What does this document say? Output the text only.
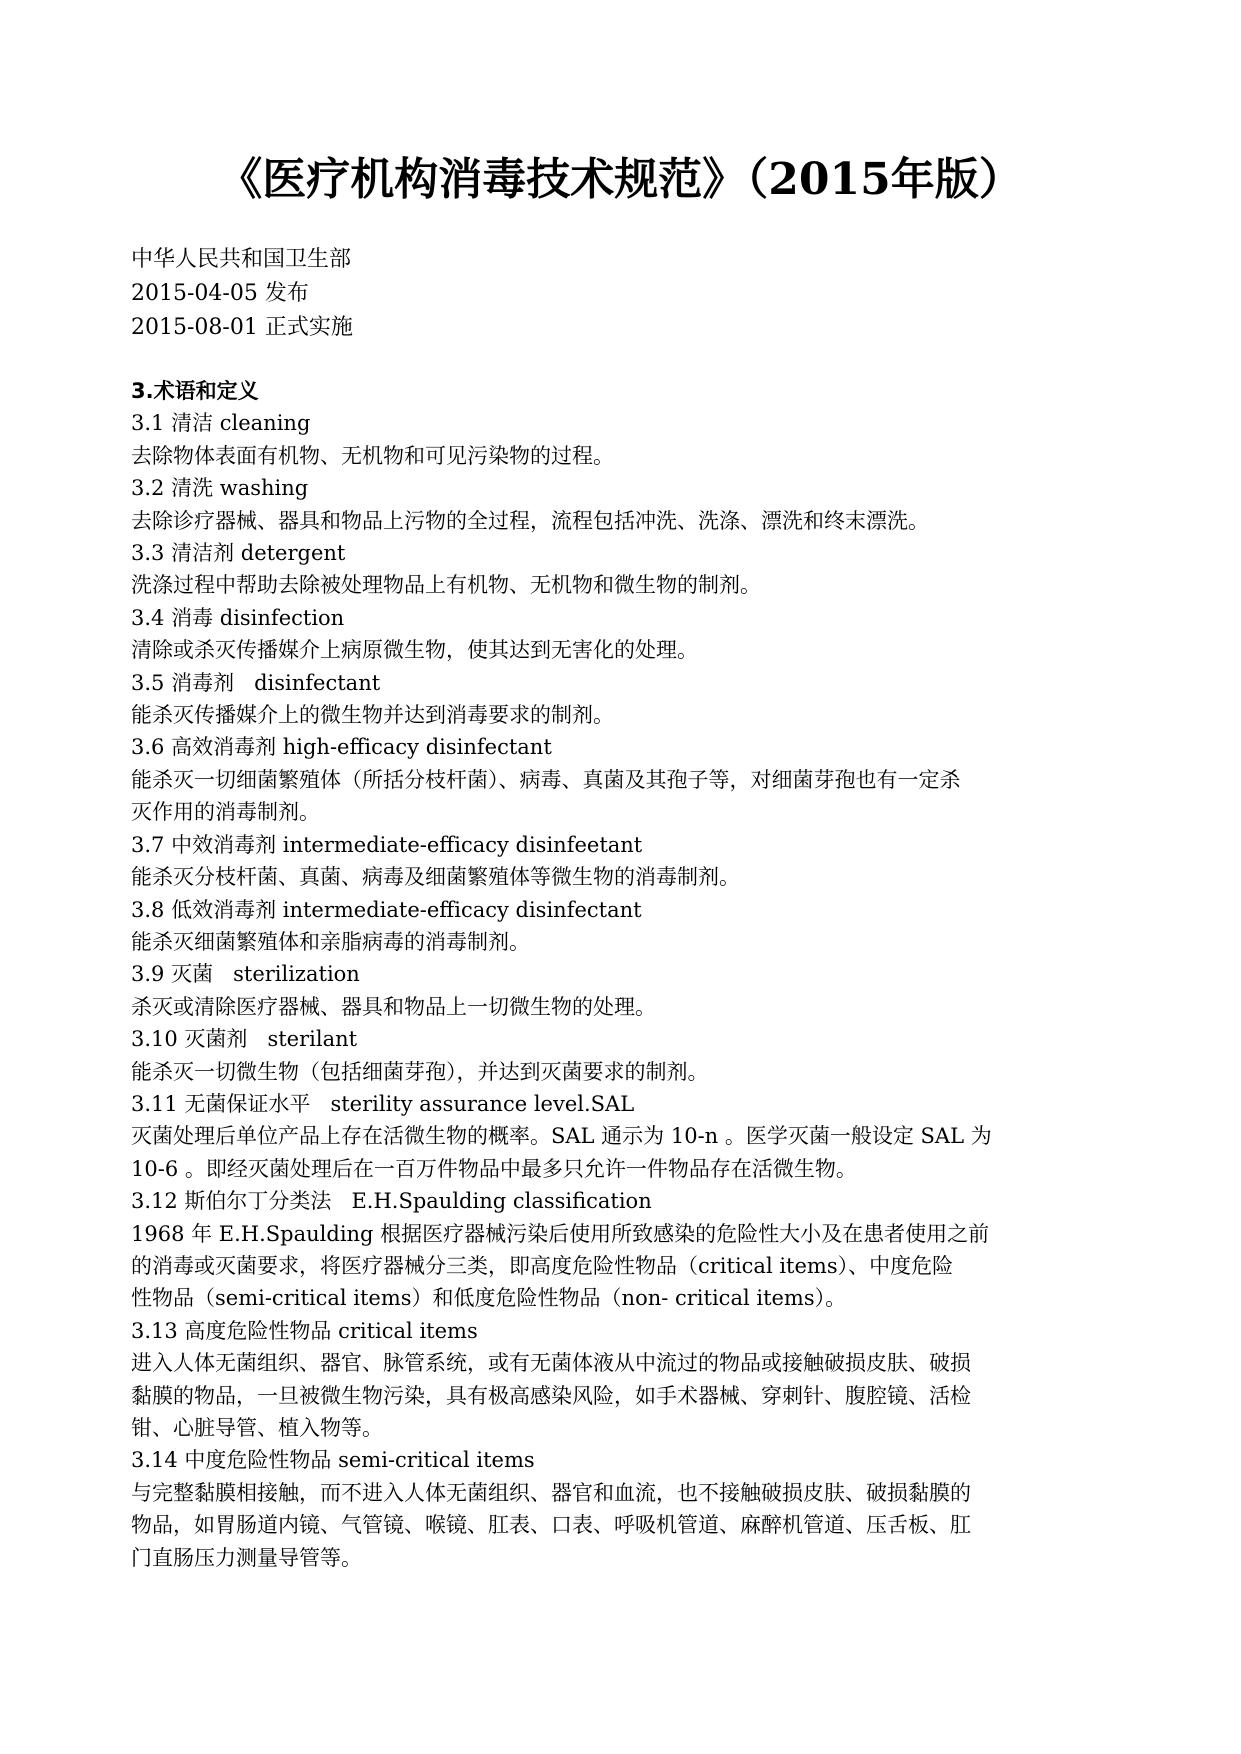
《医疗机构消毒技术规范》（2015年版）
中华人民共和国卫生部
2015-04-05 发布
2015-08-01 正式实施
3.术语和定义
3.1 清洁 cleaning
去除物体表面有机物、无机物和可见污染物的过程。
3.2 清洗 washing
去除诊疗器械、器具和物品上污物的全过程，流程包括冲洗、洗涤、漂洗和终末漂洗。
3.3 清洁剂 detergent
洗涤过程中帮助去除被处理物品上有机物、无机物和微生物的制剂。
3.4 消毒 disinfection
清除或杀灭传播媒介上病原微生物，使其达到无害化的处理。
3.5 消毒剂   disinfectant
能杀灭传播媒介上的微生物并达到消毒要求的制剂。
3.6 高效消毒剂 high-efficacy disinfectant
能杀灭一切细菌繁殖体（所括分枝杆菌）、病毒、真菌及其孢子等，对细菌芽孢也有一定杀
灭作用的消毒制剂。
3.7 中效消毒剂 intermediate-efficacy disinfeetant
能杀灭分枝杆菌、真菌、病毒及细菌繁殖体等微生物的消毒制剂。
3.8 低效消毒剂 intermediate-efficacy disinfectant
能杀灭细菌繁殖体和亲脂病毒的消毒制剂。
3.9 灭菌   sterilization
杀灭或清除医疗器械、器具和物品上一切微生物的处理。
3.10 灭菌剂   sterilant
能杀灭一切微生物（包括细菌芽孢），并达到灭菌要求的制剂。
3.11 无菌保证水平   sterility assurance level.SAL
灭菌处理后单位产品上存在活微生物的概率。SAL 通示为 10-n 。医学灭菌一般设定 SAL 为
10-6 。即经灭菌处理后在一百万件物品中最多只允许一件物品存在活微生物。
3.12 斯伯尔丁分类法   E.H.Spaulding classification
1968 年 E.H.Spaulding 根据医疗器械污染后使用所致感染的危险性大小及在患者使用之前
的消毒或灭菌要求，将医疗器械分三类，即高度危险性物品（critical items）、中度危险
性物品（semi-critical items）和低度危险性物品（non- critical items）。
3.13 高度危险性物品 critical items
进入人体无菌组织、器官、脉管系统，或有无菌体液从中流过的物品或接触破损皮肤、破损
黏膜的物品，一旦被微生物污染，具有极高感染风险，如手术器械、穿刺针、腹腔镜、活检
钳、心脏导管、植入物等。
3.14 中度危险性物品 semi-critical items
与完整黏膜相接触，而不进入人体无菌组织、器官和血流，也不接触破损皮肤、破损黏膜的
物品，如胃肠道内镜、气管镜、喉镜、肛表、口表、呼吸机管道、麻醉机管道、压舌板、肛
门直肠压力测量导管等。
